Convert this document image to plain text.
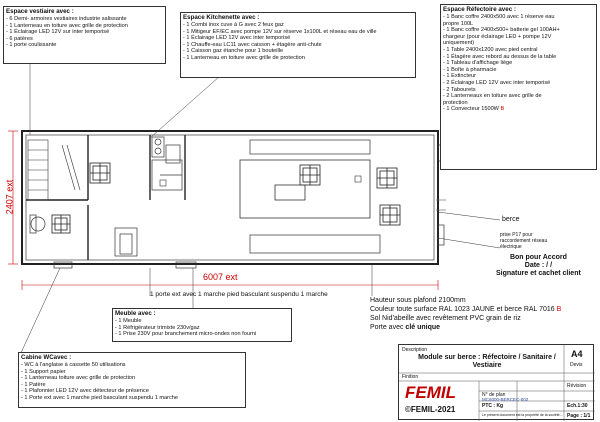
6007 ext
2407 ext
Espace vestiaire avec :
- 6 Demi- armoires vestiaires industrie salissante
- 1 Lanterneau en toiture avec grille de protection
- 1 Éclairage LED 12V sur inter temporisé
- 6 patères
- 1 porte coulissante
Espace Kitchenette avec :
- 1 Combi inox cuve à G avec 2 feux gaz
- 1 Mitigeur EF/EC avec pompe 12V sur réserve 1x100L et réseau eau de ville
- 1 Éclairage LED 12V avec inter temporisé
- 1 Chauffe-eau LC11 avec caisson + étagère anti-chute
- 1 Caisson gaz étanche pour 1 bouteille
- 1 Lanterneau en toiture avec grille de protection
Espace Réfectoire avec :
- 1 Banc coffre 2400x500 avec 1 réserve eau
propre 100L
- 1 Banc coffre 2400x500+ batterie gel 100AH+
chargeur (pour éclairage LED + pompe 12V
uniquement)
- 1 Table 2400x1200 avec pied central
- 1 Étagère avec rebord au dessus de la table
- 1 Tableau d'affichage liège
- 1 Boîte à pharmacie
- 1 Extincteur
- 2 Éclairage LED 12V avec inter temporisé
- 2 Tabourets
- 2 Lanterneaux en toiture avec grille de
protection
- 1 Convecteur 1500W B
berce
prise P17 pour
raccordement réseau
électrique
Bon pour Accord
Date : / /
Signature et cachet client
1 porte ext avec 1 marche pied basculant suspendu 1 marche
Meuble avec :
- 1 Meuble
- 1 Réfrigérateur trimixte 230v/gaz
- 1 Prise 230V pour branchement micro-ondes non fourni
Hauteur sous plafond 2100mm
Couleur toute surface RAL 1023 JAUNE et berce RAL 7016 B
Sol Nid'abeille avec revêtement PVC grain de riz
Porte avec clé unique
Cabine WCavec :
- WC à l'anglaise à cassette 50 utilisations
- 1 Support papier
- 1 Lanterneau toiture avec grille de protection
- 1 Patère
- 1 Plafonnier LED 12V avec détecteur de présence
- 1 Porte ext avec 1 marche pied basculant suspendu 1 marche
Description
Module sur berce : Réfectoire / Sanitaire / Vestiaire
A4
Devis
Finition
FEMIL
©FEMIL-2021
N° de plan
MC6000-BERCEC-002
PTC : Kg
Le présent document est la propriété de la société...
Révision
Ech.1:30
Page : 1/1
